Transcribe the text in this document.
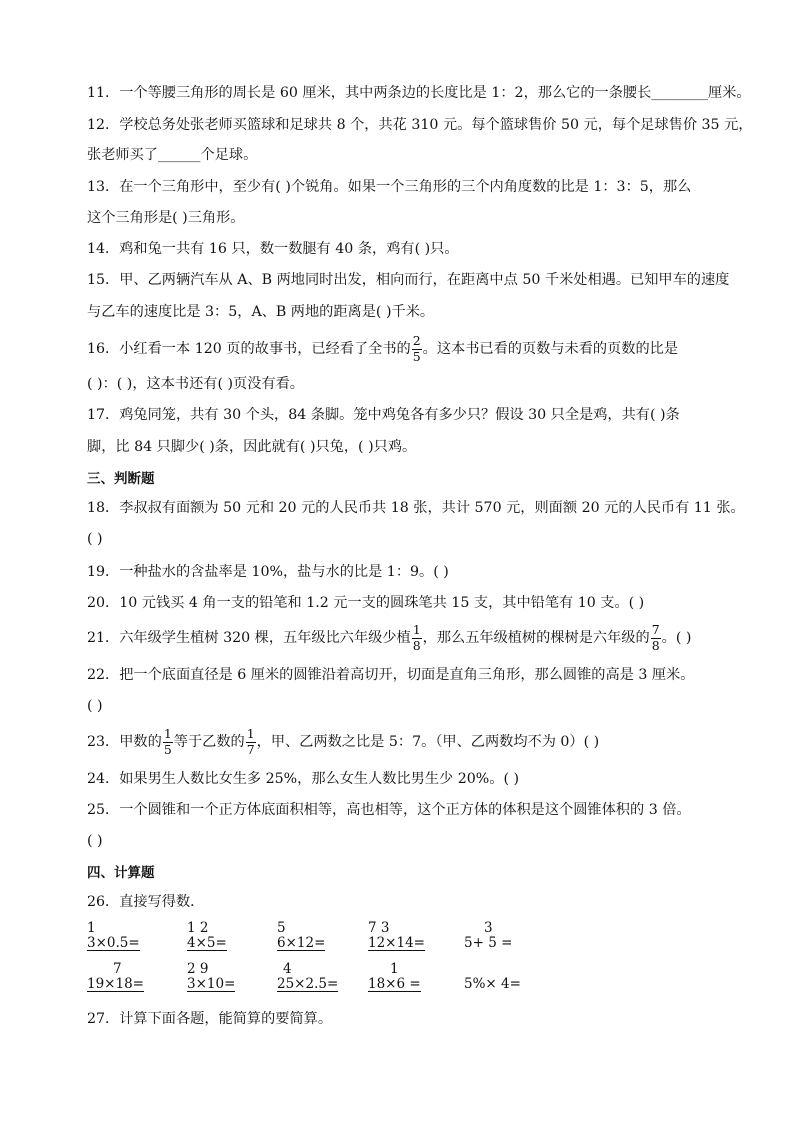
11．一个等腰三角形的周长是 60 厘米，其中两条边的长度比是 1：2，那么它的一条腰长________厘米。
12．学校总务处张老师买篮球和足球共 8 个，共花 310 元。每个篮球售价 50 元，每个足球售价 35 元，
张老师买了______个足球。
13．在一个三角形中，至少有( )个锐角。如果一个三角形的三个内角度数的比是 1：3：5，那么
这个三角形是( )三角形。
14．鸡和兔一共有 16 只，数一数腿有 40 条，鸡有( )只。
15．甲、乙两辆汽车从 A、B 两地同时出发，相向而行，在距离中点 50 千米处相遇。已知甲车的速度
与乙车的速度比是 3：5，A、B 两地的距离是( )千米。
16．小红看一本 120 页的故事书，已经看了全书的 $\frac{2}{5}$ 。这本书已看的页数与未看的页数的比是
( )：( )，这本书还有( )页没有看。
17．鸡兔同笼，共有 30 个头，84 条脚。笼中鸡兔各有多少只？假设 30 只全是鸡，共有( )条
脚，比 84 只脚少( )条，因此就有( )只兔，( )只鸡。
三、判断题
18．李叔叔有面额为 50 元和 20 元的人民币共 18 张，共计 570 元，则面额 20 元的人民币有 11 张。
( )
19．一种盐水的含盐率是 10%，盐与水的比是 1：9。( )
20．10 元钱买 4 角一支的铅笔和 1.2 元一支的圆珠笔共 15 支，其中铅笔有 10 支。( )
21．六年级学生植树 320 棵，五年级比六年级少植 $\frac{1}{8}$ ，那么五年级植树的棵树是六年级的 $\frac{7}{8}$ 。( )
22．把一个底面直径是 6 厘米的圆锥沿着高切开，切面是直角三角形，那么圆锥的高是 3 厘米。
( )
23．甲数的 $\frac{1}{5}$ 等于乙数的 $\frac{1}{7}$ ，甲、乙两数之比是 5：7。（甲、乙两数均不为 0）( )
24．如果男生人数比女生多 25%，那么女生人数比男生少 20%。( )
25．一个圆锥和一个正方体底面积相等，高也相等，这个正方体的体积是这个圆锥体积的 3 倍。
( )
四、计算题
26．直接写得数．
1
3×0.5=
1 2
4×5=
5
6×12=
7 3
12×14=
3
5+ 5 =
7
19×18=
2 9
3×10=
4
25×2.5=
1
18×6 =	5%× 4=
27．计算下面各题，能简算的要简算。
